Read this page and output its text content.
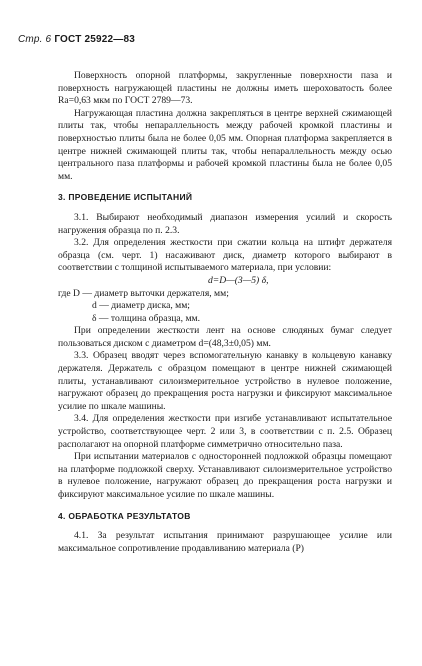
Стр. 6 ГОСТ 25922—83

Поверхность опорной платформы, закругленные поверхности паза и поверхность нагружающей пластины не должны иметь шероховатость более Ra=0,63 мкм по ГОСТ 2789—73.

Нагружающая пластина должна закрепляться в центре верхней сжимающей плиты так, чтобы непараллельность между рабочей кромкой пластины и поверхностью плиты была не более 0,05 мм. Опорная платформа закрепляется в центре нижней сжимающей плиты так, чтобы непараллельность между осью центрального паза платформы и рабочей кромкой пластины была не более 0,05 мм.

3. ПРОВЕДЕНИЕ ИСПЫТАНИЙ

3.1. Выбирают необходимый диапазон измерения усилий и скорость нагружения образца по п. 2.3.

3.2. Для определения жесткости при сжатии кольца на штифт держателя образца (см. черт. 1) насаживают диск, диаметр которого выбирают в соответствии с толщиной испытываемого материала, при условии:

d=D—(3—5) δ,

где D — диаметр выточки держателя, мм;

d — диаметр диска, мм;

δ — толщина образца, мм.

При определении жесткости лент на основе слюдяных бумаг следует пользоваться диском с диаметром d=(48,3±0,05) мм.

3.3. Образец вводят через вспомогательную канавку в кольцевую канавку держателя. Держатель с образцом помещают в центре нижней сжимающей плиты, устанавливают силоизмерительное устройство в нулевое положение, нагружают образец до прекращения роста нагрузки и фиксируют максимальное усилие по шкале машины.

3.4. Для определения жесткости при изгибе устанавливают испытательное устройство, соответствующее черт. 2 или 3, в соответствии с п. 2.5. Образец располагают на опорной платформе симметрично относительно паза.

При испытании материалов с односторонней подложкой образцы помещают на платформе подложкой сверху. Устанавливают силоизмерительное устройство в нулевое положение, нагружают образец до прекращения роста нагрузки и фиксируют максимальное усилие по шкале машины.

4. ОБРАБОТКА РЕЗУЛЬТАТОВ

4.1. За результат испытания принимают разрушающее усилие или максимальное сопротивление продавливанию материала (P)
